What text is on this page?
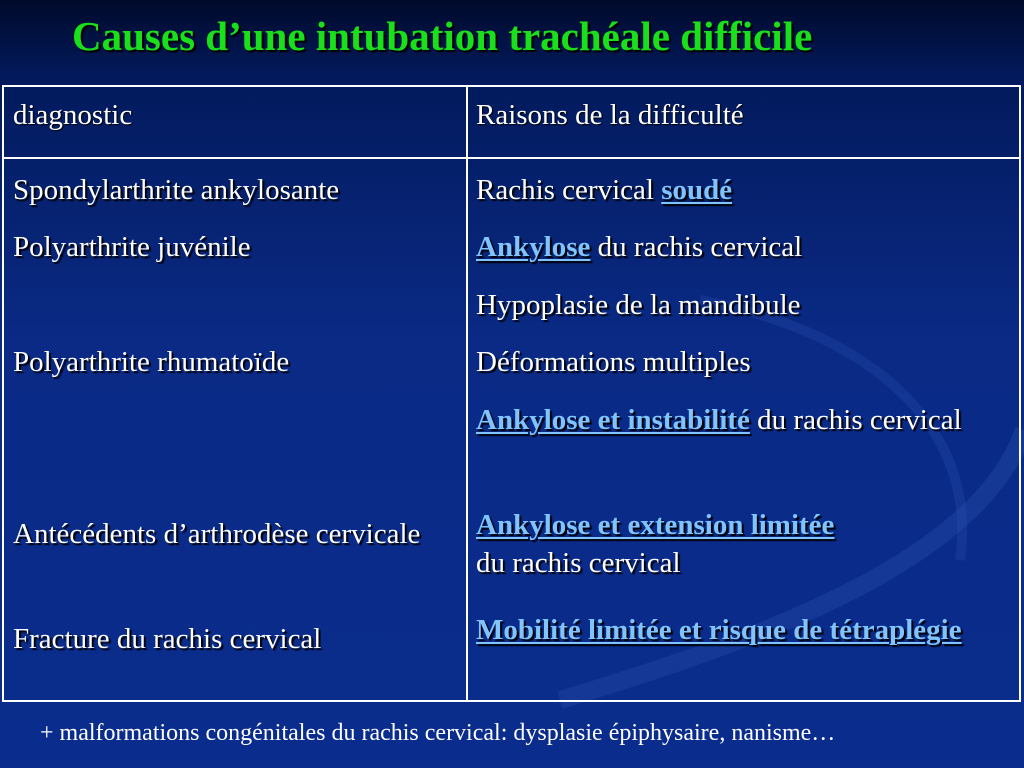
Causes d’une intubation trachéale difficile
diagnostic	Raisons de la difficulté
Spondylarthrite ankylosante
Polyarthrite juvénile
Polyarthrite rhumatoïde
Antécédents d’arthrodèse cervicale
Fracture du rachis cervical
Rachis cervical soudé
Ankylose du rachis cervical
Hypoplasie de la mandibule
Déformations multiples
Ankylose et instabilité du rachis cervical
Ankylose et extension limitée
du rachis cervical
Mobilité limitée et risque de tétraplégie
+ malformations congénitales du rachis cervical: dysplasie épiphysaire, nanisme…
